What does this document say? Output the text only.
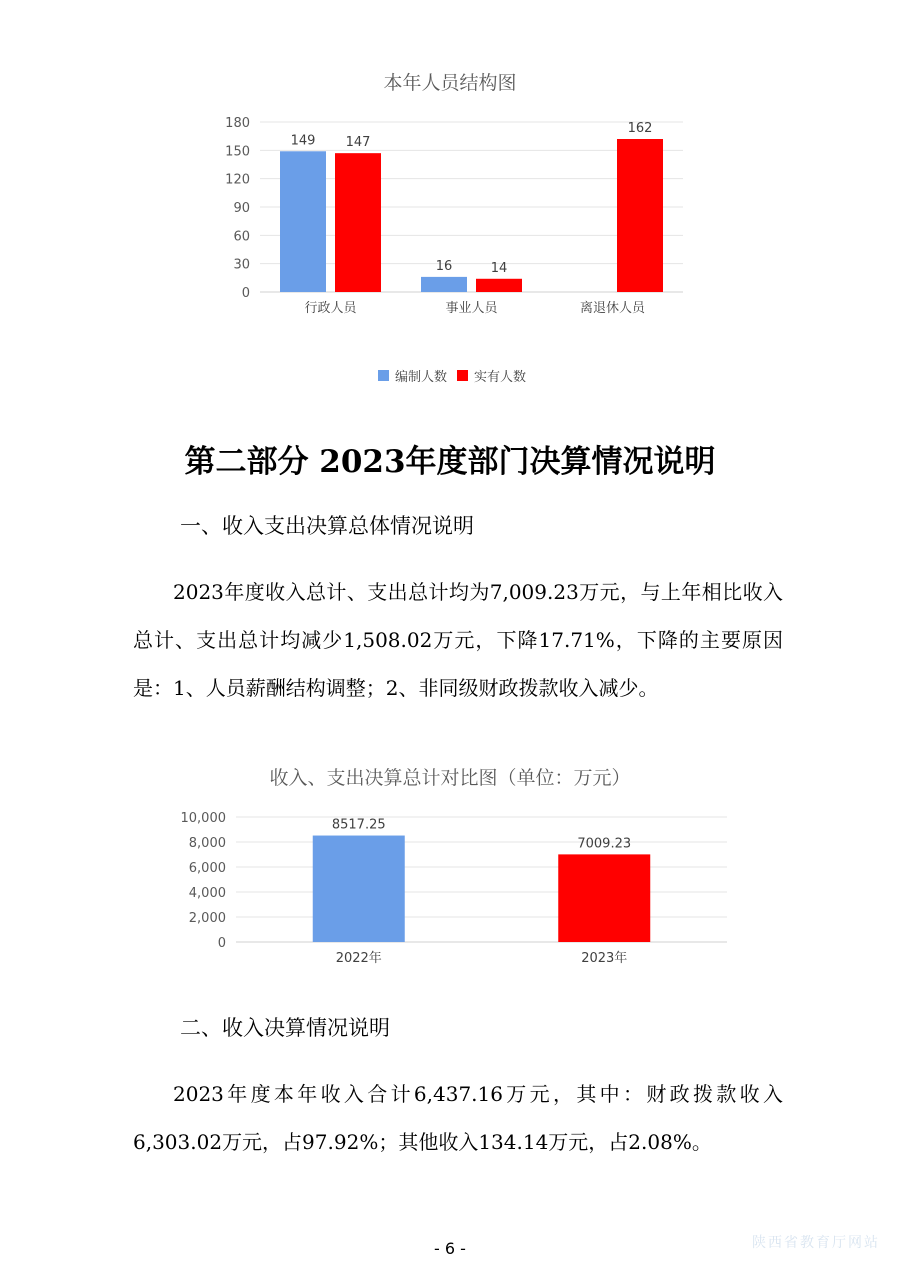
本年人员结构图
0
30
60
90
120
150
180
149 147
行政人员
16	14
事业人员
162
离退休人员
编制人数 实有人数
第二部分 2023年度部门决算情况说明
一、收入支出决算总体情况说明

2023年度收入总计、支出总计均为7,009.23万元，与上年相比收入总计、支出总计均减少1,508.02万元，下降17.71%，下降的主要原因是：1、人员薪酬结构调整；2、非同级财政拨款收入减少。

收入、支出决算总计对比图（单位：万元）
0
2,000
4,000
6,000
8,000
10,000	8517.25
2022年
7009.23
2023年
二、收入决算情况说明

2023年度本年收入合计6,437.16万元，其中：财政拨款收入6,303.02万元，占97.92%；其他收入134.14万元，占2.08%。

- 6 -	陕西省教育厅网站
